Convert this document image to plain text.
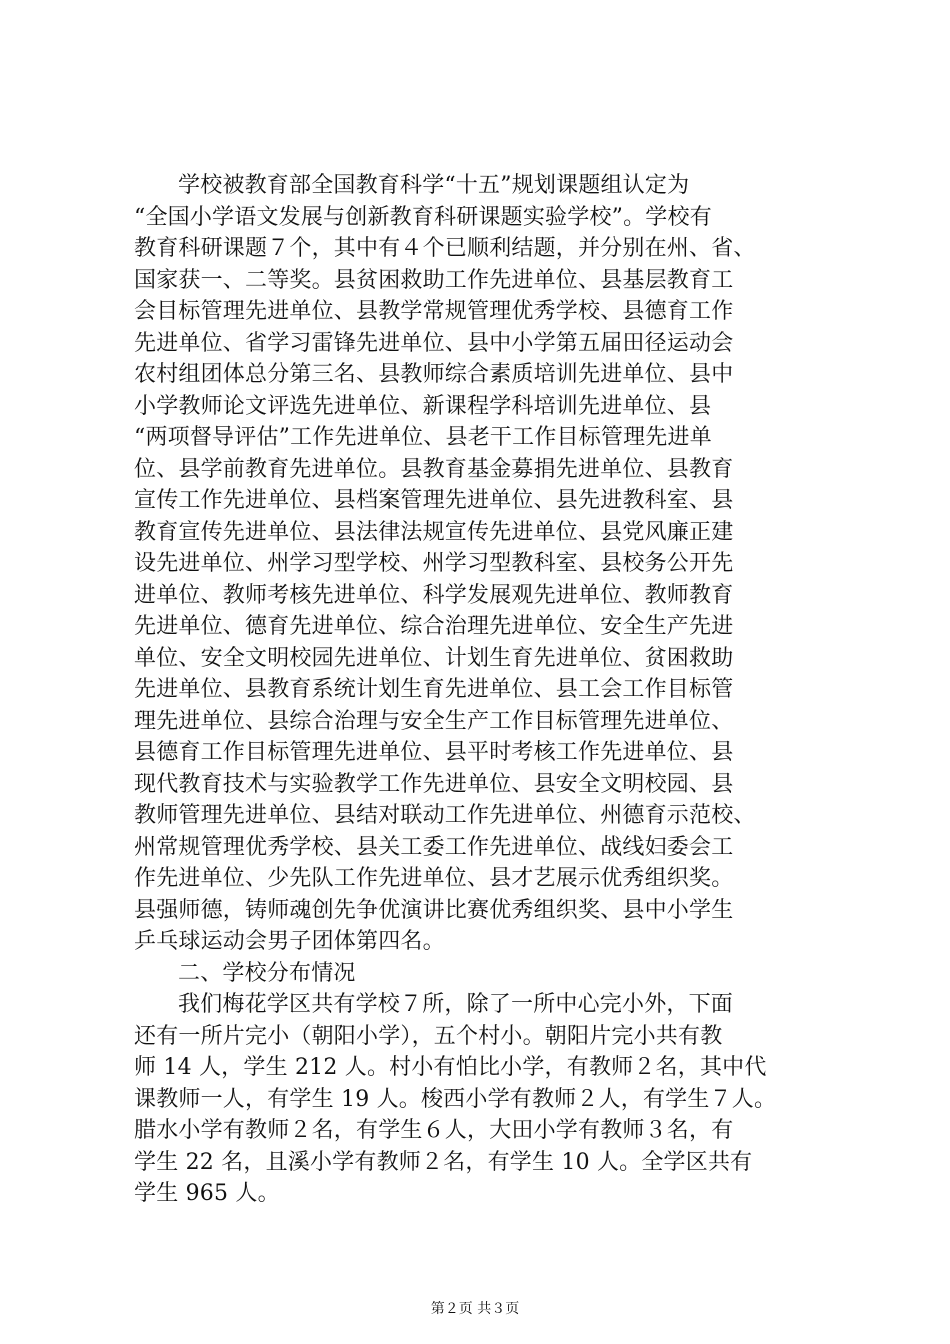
学校被教育部全国教育科学“十五”规划课题组认定为
“全国小学语文发展与创新教育科研课题实验学校”。学校有
教育科研课题７个，其中有４个已顺利结题，并分别在州、省、
国家获一、二等奖。县贫困救助工作先进单位、县基层教育工
会目标管理先进单位、县教学常规管理优秀学校、县德育工作
先进单位、省学习雷锋先进单位、县中小学第五届田径运动会
农村组团体总分第三名、县教师综合素质培训先进单位、县中
小学教师论文评选先进单位、新课程学科培训先进单位、县
“两项督导评估”工作先进单位、县老干工作目标管理先进单
位、县学前教育先进单位。县教育基金募捐先进单位、县教育
宣传工作先进单位、县档案管理先进单位、县先进教科室、县
教育宣传先进单位、县法律法规宣传先进单位、县党风廉正建
设先进单位、州学习型学校、州学习型教科室、县校务公开先
进单位、教师考核先进单位、科学发展观先进单位、教师教育
先进单位、德育先进单位、综合治理先进单位、安全生产先进
单位、安全文明校园先进单位、计划生育先进单位、贫困救助
先进单位、县教育系统计划生育先进单位、县工会工作目标管
理先进单位、县综合治理与安全生产工作目标管理先进单位、
县德育工作目标管理先进单位、县平时考核工作先进单位、县
现代教育技术与实验教学工作先进单位、县安全文明校园、县
教师管理先进单位、县结对联动工作先进单位、州德育示范校、
州常规管理优秀学校、县关工委工作先进单位、战线妇委会工
作先进单位、少先队工作先进单位、县才艺展示优秀组织奖。
县强师德，铸师魂创先争优演讲比赛优秀组织奖、县中小学生
乒乓球运动会男子团体第四名。
二、学校分布情况
我们梅花学区共有学校７所，除了一所中心完小外，下面
还有一所片完小（朝阳小学），五个村小。朝阳片完小共有教
师 14 人，学生 212 人。村小有怕比小学，有教师２名，其中代
课教师一人，有学生 19 人。梭西小学有教师２人，有学生７人。
腊水小学有教师２名，有学生６人，大田小学有教师３名，有
学生 22 名，且溪小学有教师２名，有学生 10 人。全学区共有
学生 965 人。
第２页 共３页
